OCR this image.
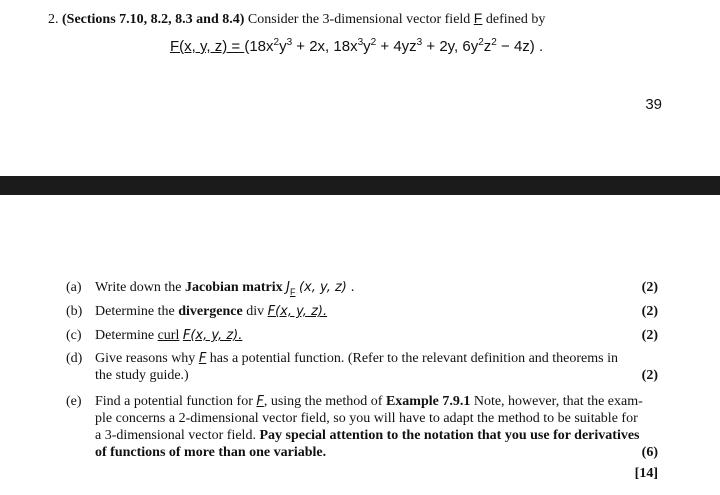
2. (Sections 7.10, 8.2, 8.3 and 8.4) Consider the 3-dimensional vector field F defined by
F(x, y, $z) = (18x^2y^3 + 2x$, $18x^3y^2 + 4yz^3 + 2y$, $6y^2z^2 - 4z$) .
39
(a) Write down the Jacobian matrix $J_F$ (x, y, z) .	(2)
(b) Determine the divergence div F(x, y, z).	(2)
(c) Determine curl F(x, y, z).	(2)
(d) Give reasons why F has a potential function. (Refer to the relevant definition and theorems in
the study guide.)	(2)
(e) Find a potential function for F, using the method of Example 7.9.1 Note, however, that the exam-
ple concerns a 2-dimensional vector field, so you will have to adapt the method to be suitable for
a 3-dimensional vector field. Pay special attention to the notation that you use for derivatives
of functions of more than one variable.	(6)
[14]
